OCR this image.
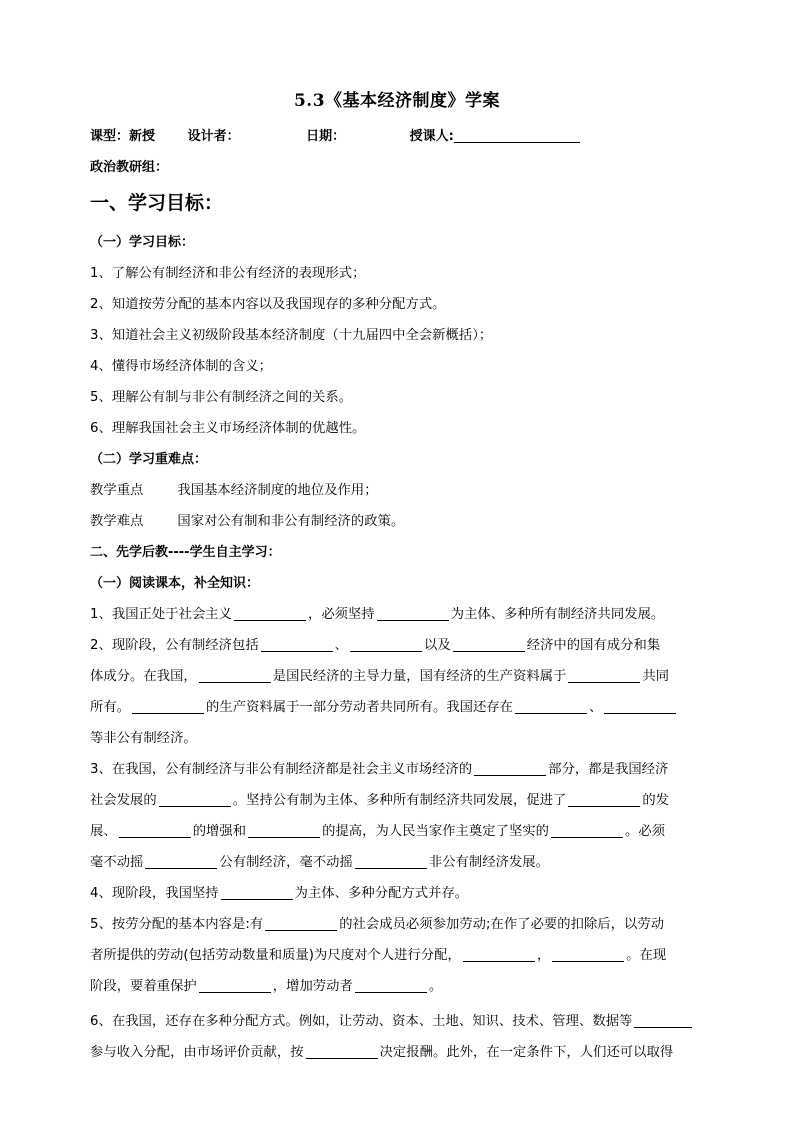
5.3《基本经济制度》学案
课型：新授	设计者：	日期：	授课人:
政治教研组：
一、学习目标：
（一）学习目标：
1、了解公有制经济和非公有经济的表现形式；
2、知道按劳分配的基本内容以及我国现存的多种分配方式。
3、知道社会主义初级阶段基本经济制度（十九届四中全会新概括）；
4、懂得市场经济体制的含义；
5、理解公有制与非公有制经济之间的关系。
6、理解我国社会主义市场经济体制的优越性。
（二）学习重难点：
教学重点	我国基本经济制度的地位及作用；
教学难点	国家对公有制和非公有制经济的政策。
二、先学后教----学生自主学习：
（一）阅读课本，补全知识：
1、我国正处于社会主义	，必须坚持	为主体、多种所有制经济共同发展。
2、现阶段，公有制经济包括	、	以及	经济中的国有成分和集
体成分。在我国，	是国民经济的主导力量，国有经济的生产资料属于	共同
所有。	的生产资料属于一部分劳动者共同所有。我国还存在	、
等非公有制经济。
3、在我国，公有制经济与非公有制经济都是社会主义市场经济的	部分，都是我国经济
社会发展的	。坚持公有制为主体、多种所有制经济共同发展，促进了	的发
展、	的增强和	的提高，为人民当家作主奠定了坚实的	。必须
毫不动摇	公有制经济，毫不动摇	非公有制经济发展。
4、现阶段，我国坚持	为主体、多种分配方式并存。
5、按劳分配的基本内容是:有	的社会成员必须参加劳动;在作了必要的扣除后，以劳动
者所提供的劳动(包括劳动数量和质量)为尺度对个人进行分配，	，	。在现
阶段，要着重保护	，增加劳动者	。
6、在我国，还存在多种分配方式。例如，让劳动、资本、土地、知识、技术、管理、数据等
参与收入分配，由市场评价贡献，按	决定报酬。此外，在一定条件下，人们还可以取得
